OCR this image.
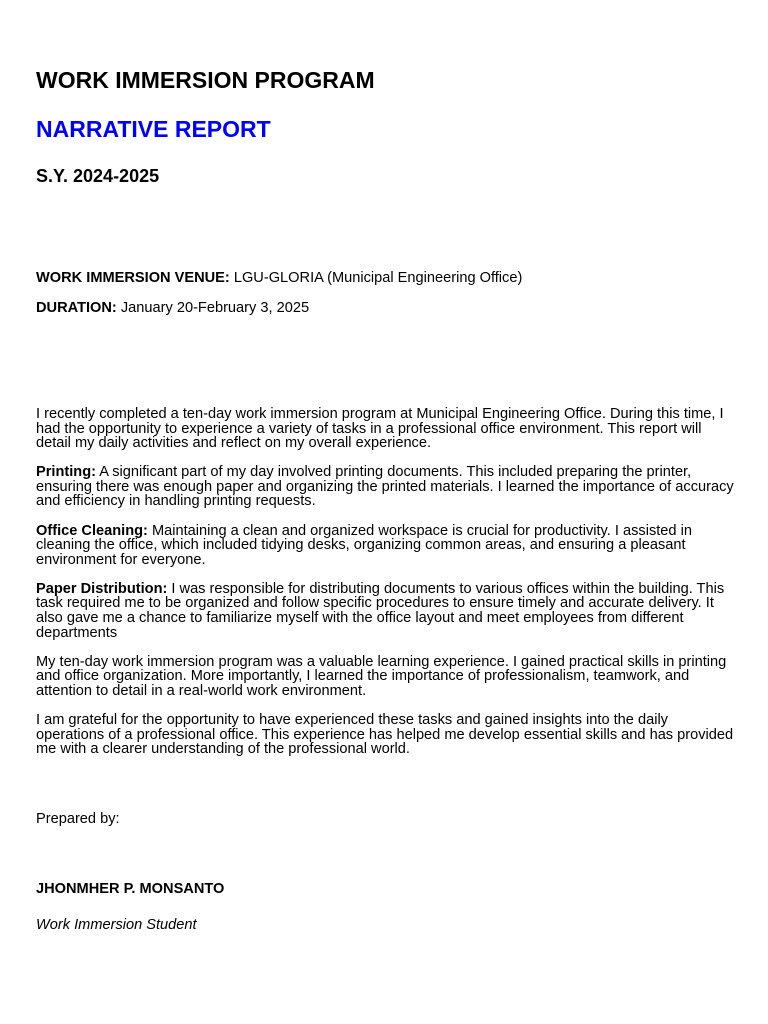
WORK IMMERSION PROGRAM
NARRATIVE REPORT

S.Y. 2024-2025

WORK IMMERSION VENUE: LGU-GLORIA (Municipal Engineering Office)

DURATION: January 20-February 3, 2025

I recently completed a ten-day work immersion program at Municipal Engineering Office. During this time, I had the opportunity to experience a variety of tasks in a professional office environment. This report will detail my daily activities and reflect on my overall experience.

Printing: A significant part of my day involved printing documents. This included preparing the printer, ensuring there was enough paper and organizing the printed materials. I learned the importance of accuracy and efficiency in handling printing requests.

Office Cleaning: Maintaining a clean and organized workspace is crucial for productivity. I assisted in cleaning the office, which included tidying desks, organizing common areas, and ensuring a pleasant environment for everyone.

Paper Distribution: I was responsible for distributing documents to various offices within the building. This task required me to be organized and follow specific procedures to ensure timely and accurate delivery. It also gave me a chance to familiarize myself with the office layout and meet employees from different departments

My ten-day work immersion program was a valuable learning experience. I gained practical skills in printing and office organization. More importantly, I learned the importance of professionalism, teamwork, and attention to detail in a real-world work environment.

I am grateful for the opportunity to have experienced these tasks and gained insights into the daily operations of a professional office. This experience has helped me develop essential skills and has provided me with a clearer understanding of the professional world.

Prepared by:

JHONMHER P. MONSANTO

Work Immersion Student
